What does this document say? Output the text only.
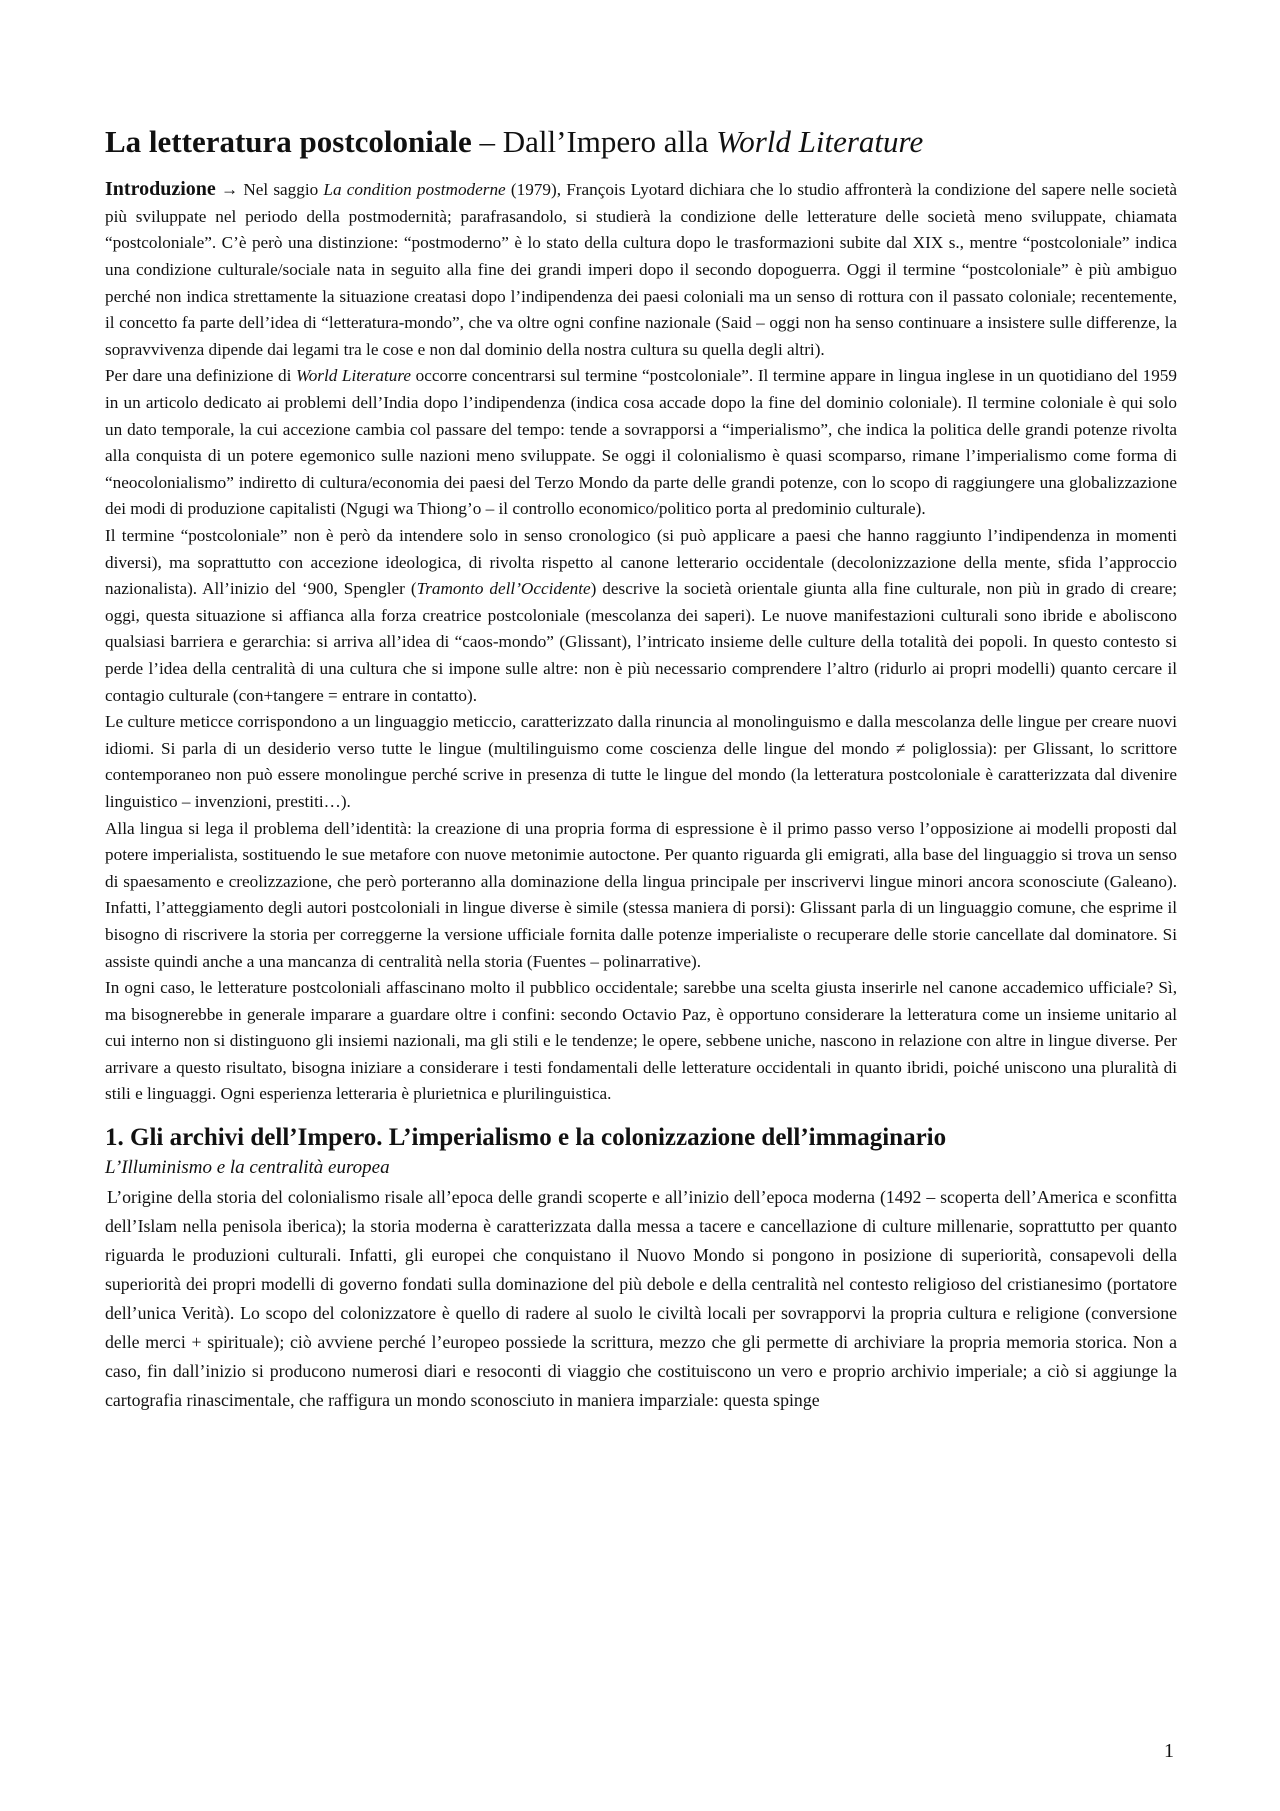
La letteratura postcoloniale – Dall’Impero alla World Literature

Introduzione → Nel saggio La condition postmoderne (1979), François Lyotard dichiara che lo studio affronterà la condizione del sapere nelle società più sviluppate nel periodo della postmodernità; parafrasandolo, si studierà la condizione delle letterature delle società meno sviluppate, chiamata “postcoloniale”. C’è però una distinzione: “postmoderno” è lo stato della cultura dopo le trasformazioni subite dal XIX s., mentre “postcoloniale” indica una condizione culturale/sociale nata in seguito alla fine dei grandi imperi dopo il secondo dopoguerra. Oggi il termine “postcoloniale” è più ambiguo perché non indica strettamente la situazione creatasi dopo l’indipendenza dei paesi coloniali ma un senso di rottura con il passato coloniale; recentemente, il concetto fa parte dell’idea di “letteratura-mondo”, che va oltre ogni confine nazionale (Said – oggi non ha senso continuare a insistere sulle differenze, la sopravvivenza dipende dai legami tra le cose e non dal dominio della nostra cultura su quella degli altri).

Per dare una definizione di World Literature occorre concentrarsi sul termine “postcoloniale”. Il termine appare in lingua inglese in un quotidiano del 1959 in un articolo dedicato ai problemi dell’India dopo l’indipendenza (indica cosa accade dopo la fine del dominio coloniale). Il termine coloniale è qui solo un dato temporale, la cui accezione cambia col passare del tempo: tende a sovrapporsi a “imperialismo”, che indica la politica delle grandi potenze rivolta alla conquista di un potere egemonico sulle nazioni meno sviluppate. Se oggi il colonialismo è quasi scomparso, rimane l’imperialismo come forma di “neocolonialismo” indiretto di cultura/economia dei paesi del Terzo Mondo da parte delle grandi potenze, con lo scopo di raggiungere una globalizzazione dei modi di produzione capitalisti (Ngugi wa Thiong’o – il controllo economico/politico porta al predominio culturale).

Il termine “postcoloniale” non è però da intendere solo in senso cronologico (si può applicare a paesi che hanno raggiunto l’indipendenza in momenti diversi), ma soprattutto con accezione ideologica, di rivolta rispetto al canone letterario occidentale (decolonizzazione della mente, sfida l’approccio nazionalista). All’inizio del ‘900, Spengler (Tramonto dell’Occidente) descrive la società orientale giunta alla fine culturale, non più in grado di creare; oggi, questa situazione si affianca alla forza creatrice postcoloniale (mescolanza dei saperi). Le nuove manifestazioni culturali sono ibride e aboliscono qualsiasi barriera e gerarchia: si arriva all’idea di “caos-mondo” (Glissant), l’intricato insieme delle culture della totalità dei popoli. In questo contesto si perde l’idea della centralità di una cultura che si impone sulle altre: non è più necessario comprendere l’altro (ridurlo ai propri modelli) quanto cercare il contagio culturale (con+tangere = entrare in contatto).

Le culture meticce corrispondono a un linguaggio meticcio, caratterizzato dalla rinuncia al monolinguismo e dalla mescolanza delle lingue per creare nuovi idiomi. Si parla di un desiderio verso tutte le lingue (multilinguismo come coscienza delle lingue del mondo ≠ poliglossia): per Glissant, lo scrittore contemporaneo non può essere monolingue perché scrive in presenza di tutte le lingue del mondo (la letteratura postcoloniale è caratterizzata dal divenire linguistico – invenzioni, prestiti…).

Alla lingua si lega il problema dell’identità: la creazione di una propria forma di espressione è il primo passo verso l’opposizione ai modelli proposti dal potere imperialista, sostituendo le sue metafore con nuove metonimie autoctone. Per quanto riguarda gli emigrati, alla base del linguaggio si trova un senso di spaesamento e creolizzazione, che però porteranno alla dominazione della lingua principale per inscrivervi lingue minori ancora sconosciute (Galeano). Infatti, l’atteggiamento degli autori postcoloniali in lingue diverse è simile (stessa maniera di porsi): Glissant parla di un linguaggio comune, che esprime il bisogno di riscrivere la storia per correggerne la versione ufficiale fornita dalle potenze imperialiste o recuperare delle storie cancellate dal dominatore. Si assiste quindi anche a una mancanza di centralità nella storia (Fuentes – polinarrative).

In ogni caso, le letterature postcoloniali affascinano molto il pubblico occidentale; sarebbe una scelta giusta inserirle nel canone accademico ufficiale? Sì, ma bisognerebbe in generale imparare a guardare oltre i confini: secondo Octavio Paz, è opportuno considerare la letteratura come un insieme unitario al cui interno non si distinguono gli insiemi nazionali, ma gli stili e le tendenze; le opere, sebbene uniche, nascono in relazione con altre in lingue diverse. Per arrivare a questo risultato, bisogna iniziare a considerare i testi fondamentali delle letterature occidentali in quanto ibridi, poiché uniscono una pluralità di stili e linguaggi. Ogni esperienza letteraria è plurietnica e plurilinguistica.

1. Gli archivi dell’Impero. L’imperialismo e la colonizzazione dell’immaginario
L’Illuminismo e la centralità europea

L’origine della storia del colonialismo risale all’epoca delle grandi scoperte e all’inizio dell’epoca moderna (1492 – scoperta dell’America e sconfitta dell’Islam nella penisola iberica); la storia moderna è caratterizzata dalla messa a tacere e cancellazione di culture millenarie, soprattutto per quanto riguarda le produzioni culturali. Infatti, gli europei che conquistano il Nuovo Mondo si pongono in posizione di superiorità, consapevoli della superiorità dei propri modelli di governo fondati sulla dominazione del più debole e della centralità nel contesto religioso del cristianesimo (portatore dell’unica Verità). Lo scopo del colonizzatore è quello di radere al suolo le civiltà locali per sovrapporvi la propria cultura e religione (conversione delle merci + spirituale); ciò avviene perché l’europeo possiede la scrittura, mezzo che gli permette di archiviare la propria memoria storica. Non a caso, fin dall’inizio si producono numerosi diari e resoconti di viaggio che costituiscono un vero e proprio archivio imperiale; a ciò si aggiunge la cartografia rinascimentale, che raffigura un mondo sconosciuto in maniera imparziale: questa spinge

1
